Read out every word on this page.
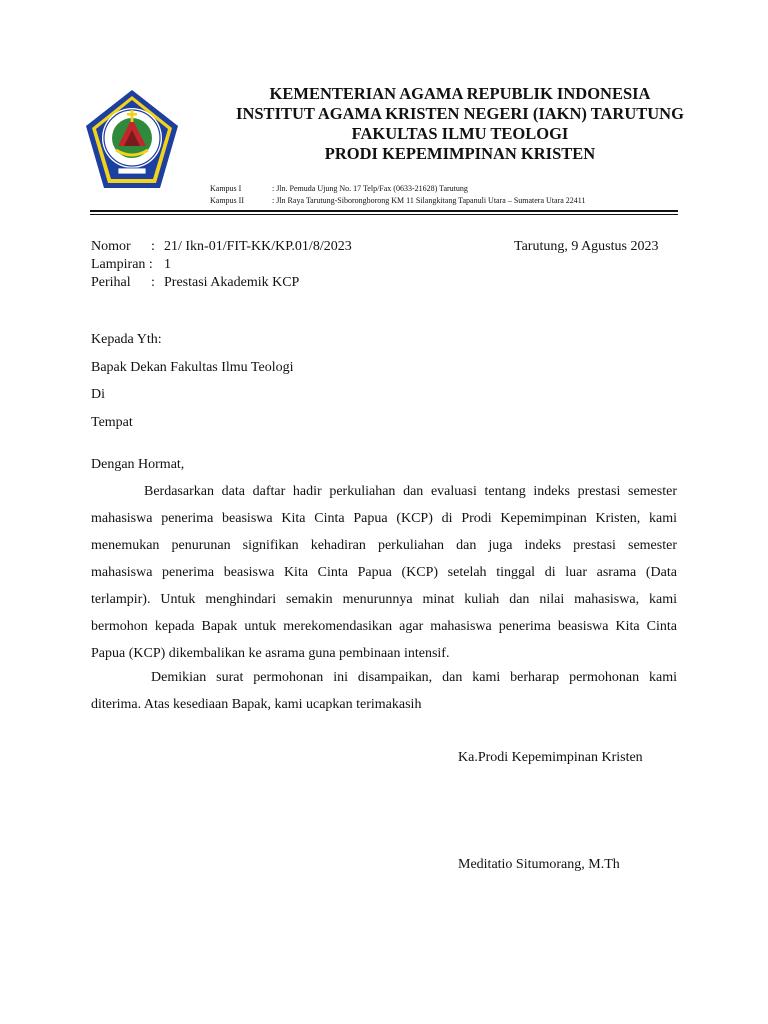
KEMENTERIAN AGAMA REPUBLIK INDONESIA
INSTITUT AGAMA KRISTEN NEGERI (IAKN) TARUTUNG
FAKULTAS ILMU TEOLOGI
PRODI KEPEMIMPINAN KRISTEN
Kampus I	: Jln. Pemuda Ujung No. 17 Telp/Fax (0633-21628) Tarutung
Kampus II	: Jln Raya Tarutung-Siborongborong KM 11 Silangkitang Tapanuli Utara – Sumatera Utara 22411
Nomor	: 21/ Ikn-01/FIT-KK/KP.01/8/2023
Lampiran : 1
Perihal	: Prestasi Akademik KCP
Tarutung, 9 Agustus 2023
Kepada Yth:
Bapak Dekan Fakultas Ilmu Teologi
Di
Tempat
Dengan Hormat,
Berdasarkan data daftar hadir perkuliahan dan evaluasi tentang indeks prestasi semester
mahasiswa penerima beasiswa Kita Cinta Papua (KCP) di Prodi Kepemimpinan Kristen, kami
menemukan penurunan signifikan kehadiran perkuliahan dan juga indeks prestasi semester
mahasiswa penerima beasiswa Kita Cinta Papua (KCP) setelah tinggal di luar asrama (Data
terlampir). Untuk menghindari semakin menurunnya minat kuliah dan nilai mahasiswa, kami
bermohon kepada Bapak untuk merekomendasikan agar mahasiswa penerima beasiswa Kita Cinta
Papua (KCP) dikembalikan ke asrama guna pembinaan intensif.
Demikian surat permohonan ini disampaikan, dan kami berharap permohonan kami
diterima. Atas kesediaan Bapak, kami ucapkan terimakasih
Ka.Prodi Kepemimpinan Kristen
Meditatio Situmorang, M.Th
